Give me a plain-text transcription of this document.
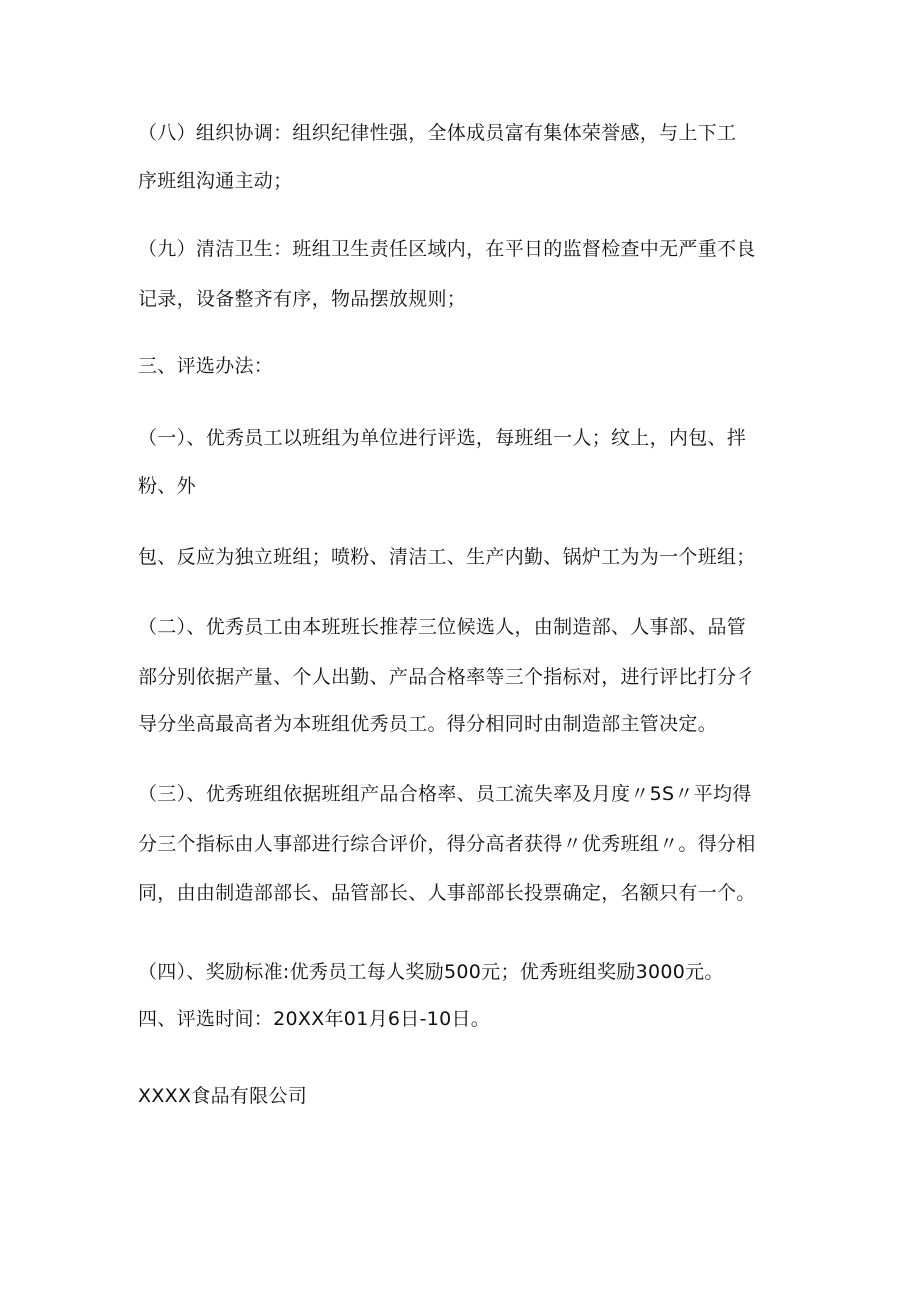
（八）组织协调：组织纪律性强，全体成员富有集体荣誉感，与上下工
序班组沟通主动；
（九）清洁卫生：班组卫生责任区域内，在平日的监督检查中无严重不良
记录，设备整齐有序，物品摆放规则；
三、评选办法：
（一）、优秀员工以班组为单位进行评选，每班组一人；纹上，内包、拌
粉、外
包、反应为独立班组；喷粉、清洁工、生产内勤、锅炉工为为一个班组；
（二）、优秀员工由本班班长推荐三位候选人，由制造部、人事部、品管
部分别依据产量、个人出勤、产品合格率等三个指标对，进行评比打分彳
导分坐高最高者为本班组优秀员工。得分相同时由制造部主管决定。
（三）、优秀班组依据班组产品合格率、员工流失率及月度〃5S〃平均得
分三个指标由人事部进行综合评价，得分高者获得〃优秀班组〃。得分相
同，由由制造部部长、品管部长、人事部部长投票确定，名额只有一个。
（四）、奖励标准:优秀员工每人奖励500元；优秀班组奖励3000元。
四、评选时间：20XX年01月6日-10日。
XXXX食品有限公司
